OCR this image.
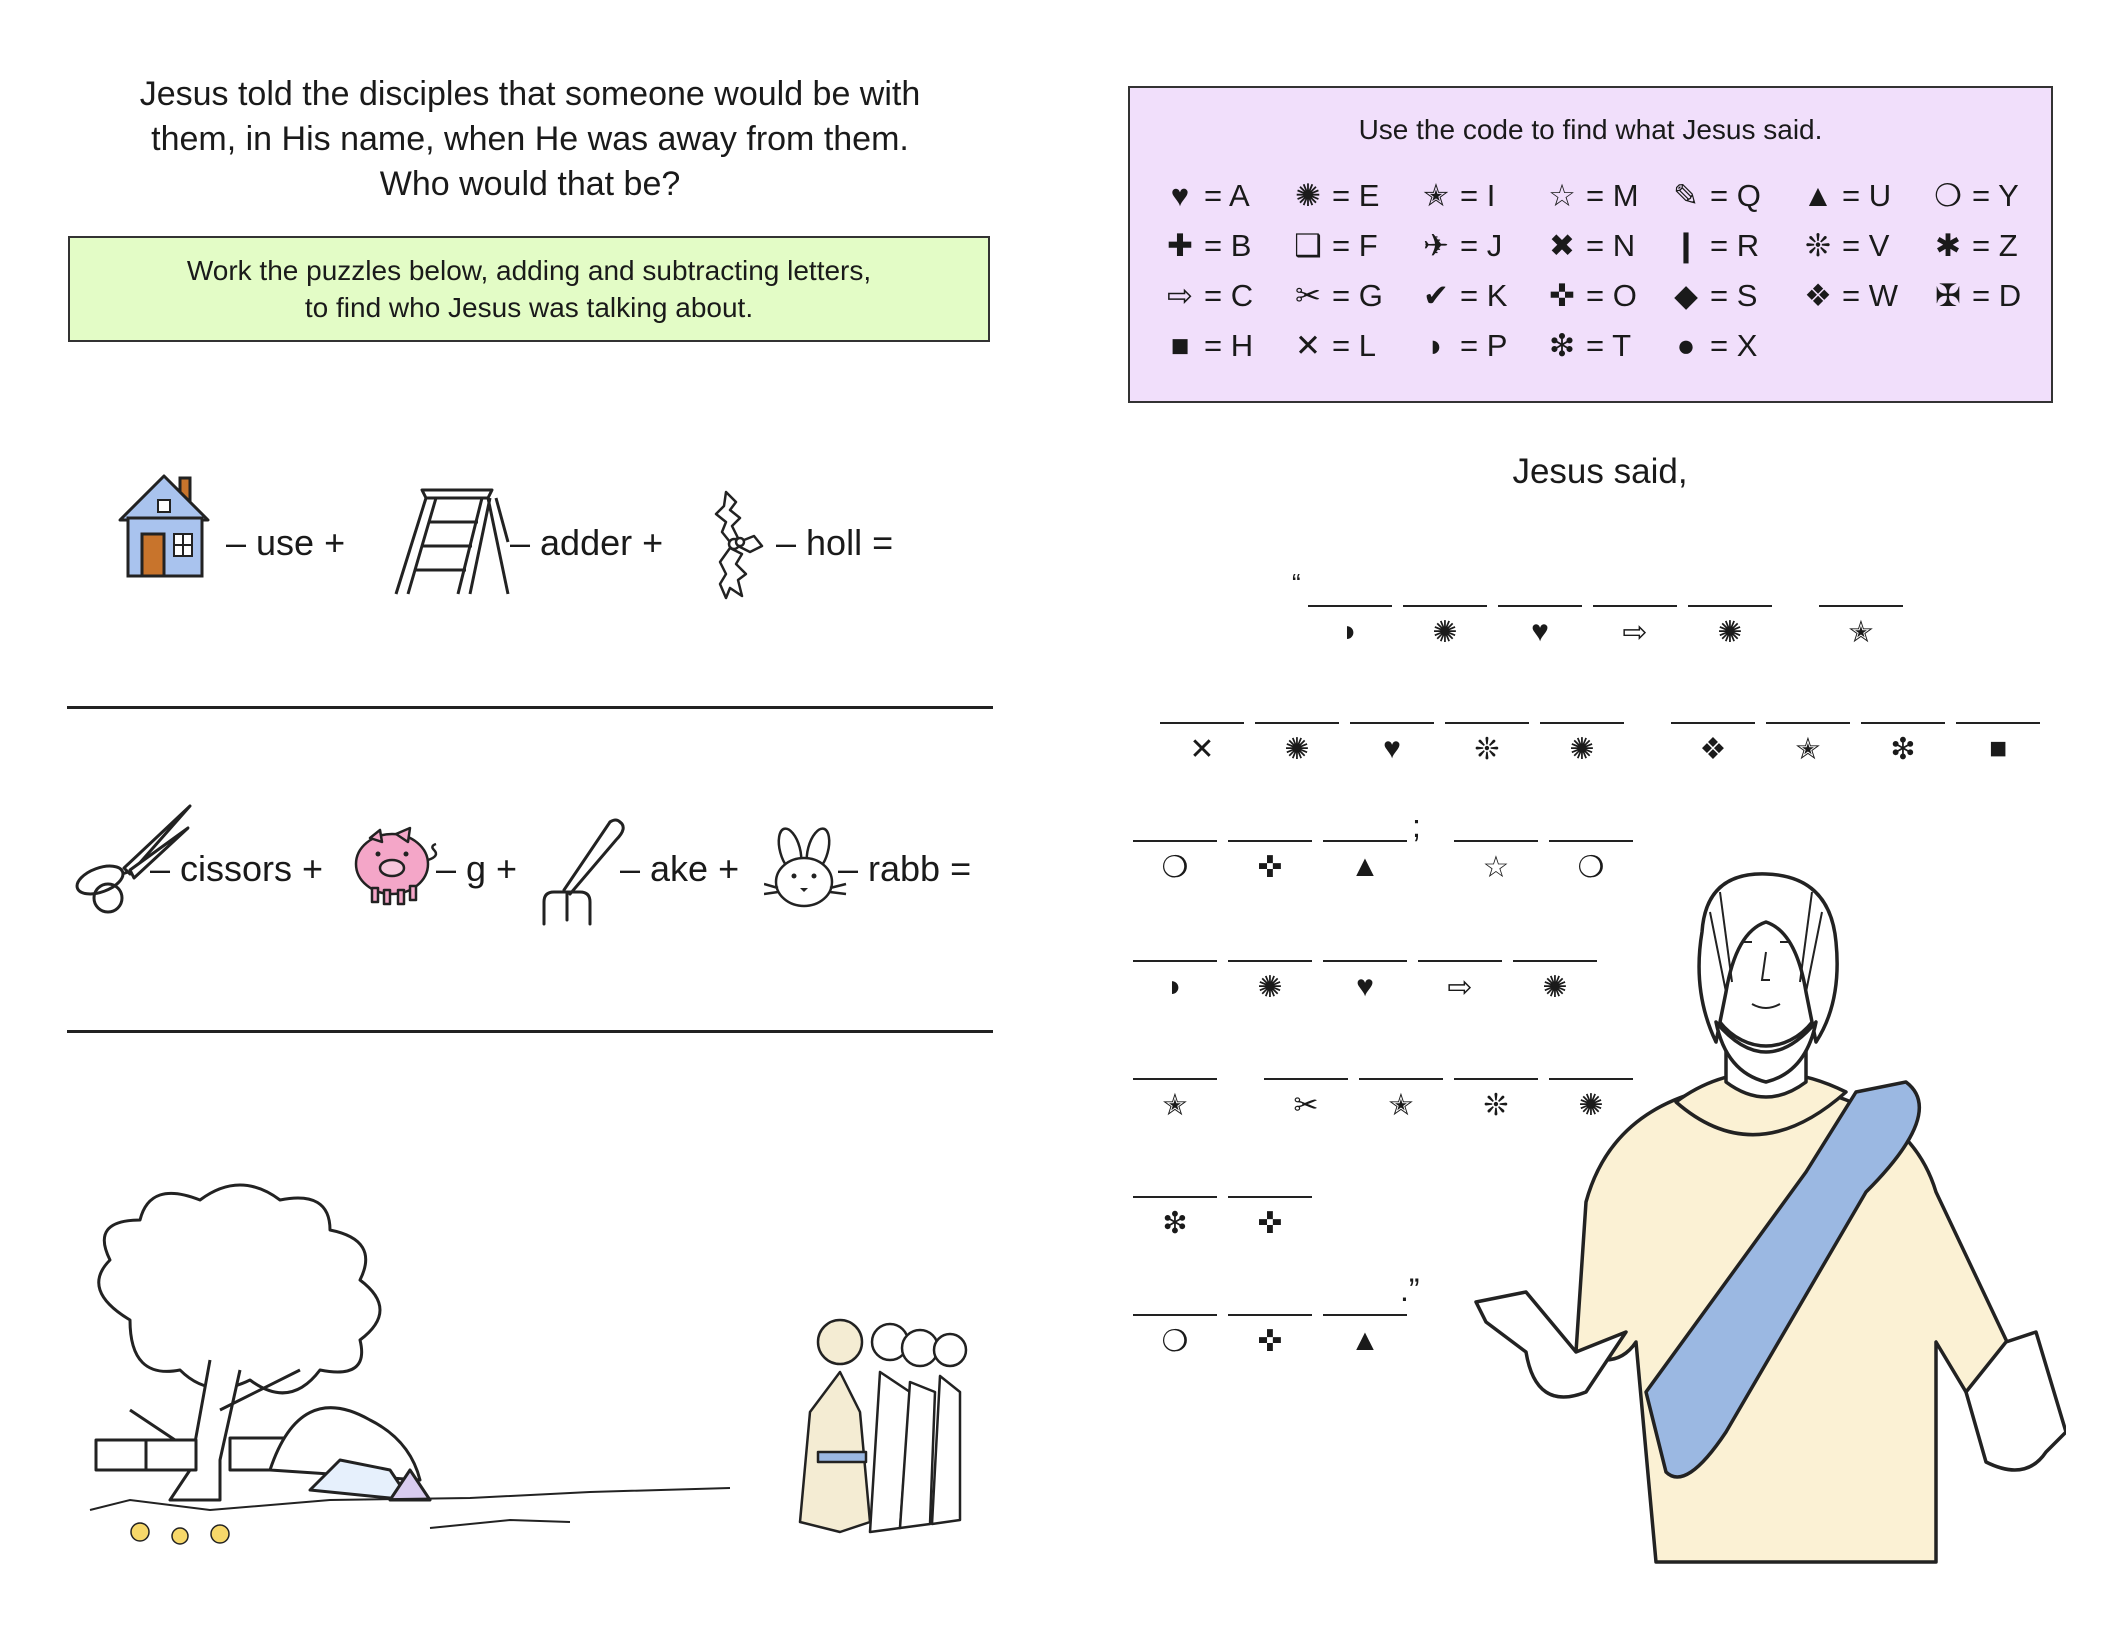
Jesus told the disciples that someone would be with
them, in His name, when He was away from them.
Who would that be?
Work the puzzles below, adding and subtracting letters,
to find who Jesus was talking about.
– use +	– adder +	– holl =
– cissors +	– g +	– ake +	– rabb =
Use the code to find what Jesus said.
♥ = A ✺ = E ✭ = I ☆ = M ✎ = Q ▲ = U ❍ = Y
✚ = B ❑ = F ✈ = J ✖ = N ❙ = R ❊ = V ✱ = Z
⇨ = C ✂ = G ✔ = K ✜ = O ◆ = S ❖ = W ✠ = D
■ = H ✕ = L ◗ = P ❇ = T ● = X
Jesus said,
◗	✺	♥	⇨	✺	✭
✕	✺	♥	❊	✺	❖	✭	❇	■
❍	✜	▲	☆	❍
◗	✺	♥	⇨	✺
✭	✂	✭	❊	✺
❇	✜
❍	✜	▲
“
;
.”
